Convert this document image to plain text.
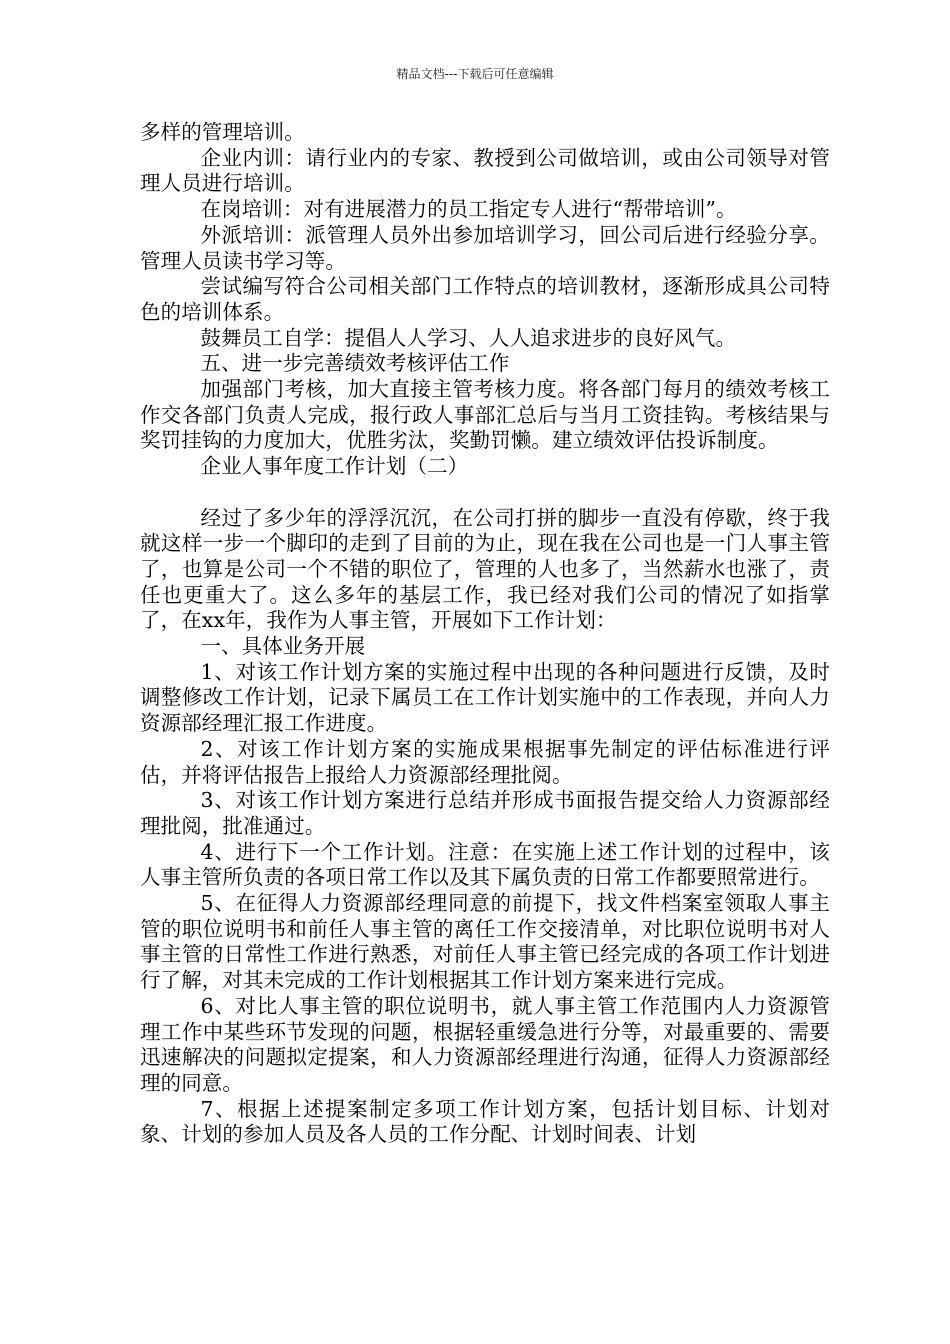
精品文档---下载后可任意编辑

多样的管理培训。

企业内训：请行业内的专家、教授到公司做培训，或由公司领导对管理人员进行培训。

在岗培训：对有进展潜力的员工指定专人进行“帮带培训”。

外派培训：派管理人员外出参加培训学习，回公司后进行经验分享。管理人员读书学习等。

尝试编写符合公司相关部门工作特点的培训教材，逐渐形成具公司特色的培训体系。

鼓舞员工自学：提倡人人学习、人人追求进步的良好风气。

五、进一步完善绩效考核评估工作

加强部门考核，加大直接主管考核力度。将各部门每月的绩效考核工作交各部门负责人完成，报行政人事部汇总后与当月工资挂钩。考核结果与奖罚挂钩的力度加大，优胜劣汰，奖勤罚懒。建立绩效评估投诉制度。

企业人事年度工作计划（二）

经过了多少年的浮浮沉沉，在公司打拼的脚步一直没有停歇，终于我就这样一步一个脚印的走到了目前的为止，现在我在公司也是一门人事主管了，也算是公司一个不错的职位了，管理的人也多了，当然薪水也涨了，责任也更重大了。这么多年的基层工作，我已经对我们公司的情况了如指掌了，在xx年，我作为人事主管，开展如下工作计划：

一、具体业务开展

1、对该工作计划方案的实施过程中出现的各种问题进行反馈，及时调整修改工作计划，记录下属员工在工作计划实施中的工作表现，并向人力资源部经理汇报工作进度。

2、对该工作计划方案的实施成果根据事先制定的评估标准进行评估，并将评估报告上报给人力资源部经理批阅。

3、对该工作计划方案进行总结并形成书面报告提交给人力资源部经理批阅，批准通过。

4、进行下一个工作计划。注意：在实施上述工作计划的过程中，该人事主管所负责的各项日常工作以及其下属负责的日常工作都要照常进行。

5、在征得人力资源部经理同意的前提下，找文件档案室领取人事主管的职位说明书和前任人事主管的离任工作交接清单，对比职位说明书对人事主管的日常性工作进行熟悉，对前任人事主管已经完成的各项工作计划进行了解，对其未完成的工作计划根据其工作计划方案来进行完成。

6、对比人事主管的职位说明书，就人事主管工作范围内人力资源管理工作中某些环节发现的问题，根据轻重缓急进行分等，对最重要的、需要迅速解决的问题拟定提案，和人力资源部经理进行沟通，征得人力资源部经理的同意。

7、根据上述提案制定多项工作计划方案，包括计划目标、计划对象、计划的参加人员及各人员的工作分配、计划时间表、计划
